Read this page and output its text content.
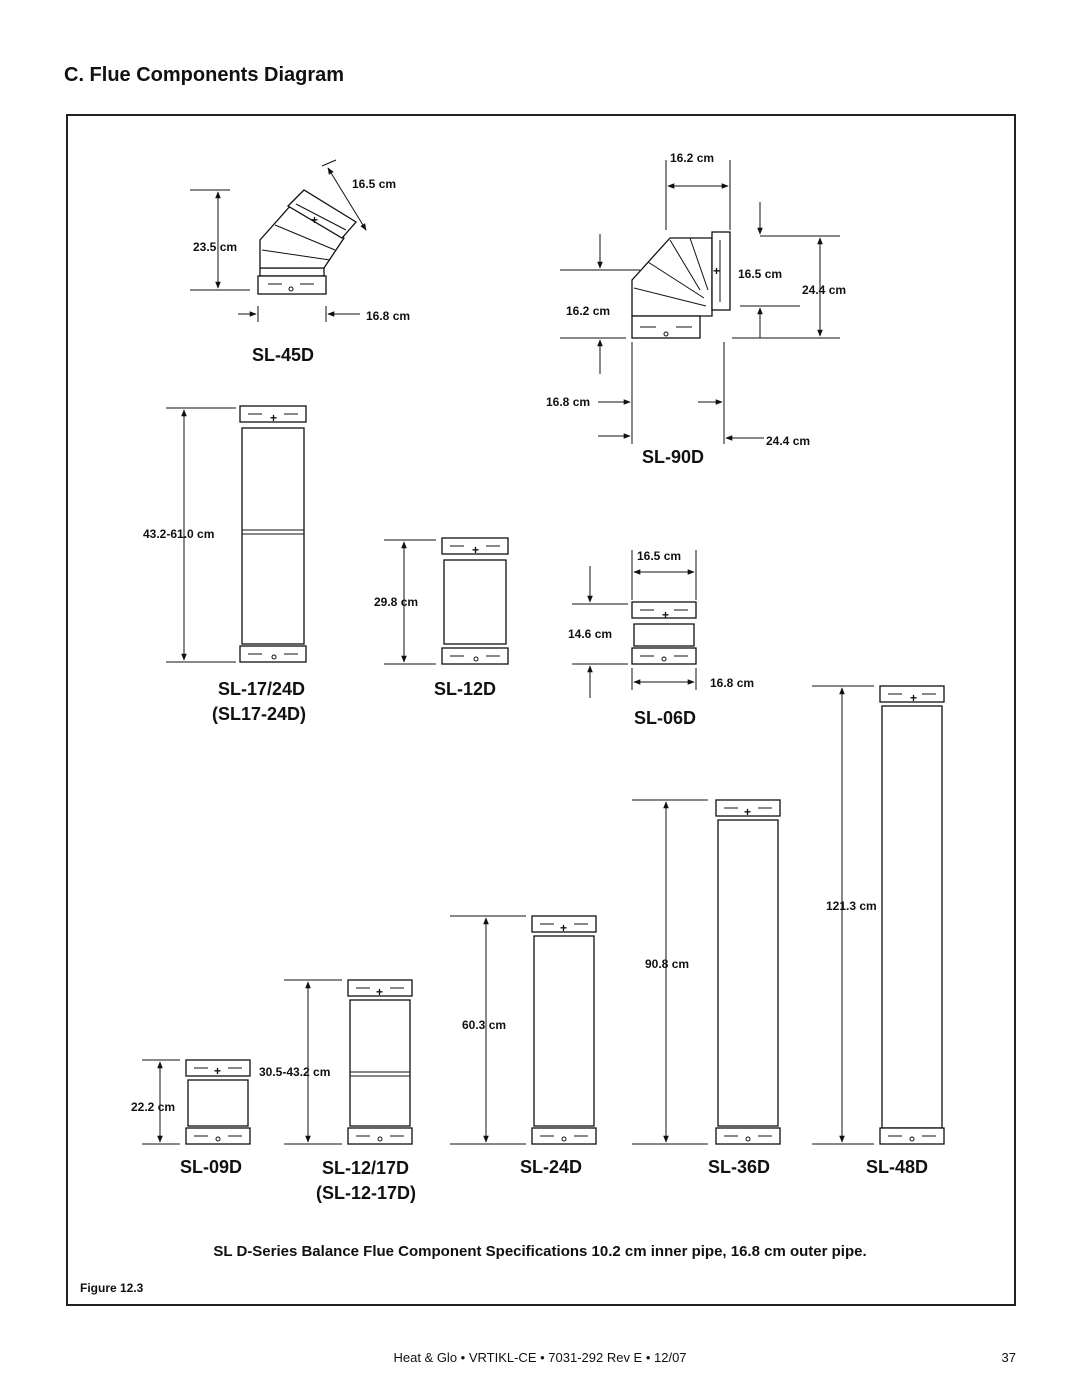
C. Flue Components Diagram
+
16.5 cm
23.5 cm
16.8 cm
SL-45D
+
16.2 cm
16.5 cm
24.4 cm
16.2 cm
16.8 cm
24.4 cm
SL-90D
+
43.2-61.0 cm
SL-17/24D
(SL17-24D)
+
29.8 cm
SL-12D
+
16.5 cm
14.6 cm
16.8 cm
SL-06D
+
121.3 cm
SL-48D
+
90.8 cm
SL-36D
+
60.3 cm
SL-24D
+
30.5-43.2 cm
SL-12/17D
(SL-12-17D)
+
22.2 cm
SL-09D
SL D-Series Balance Flue Component Specifications 10.2 cm inner pipe, 16.8 cm outer pipe.
Figure 12.3
Heat & Glo • VRTIKL-CE • 7031-292 Rev E • 12/07	37
